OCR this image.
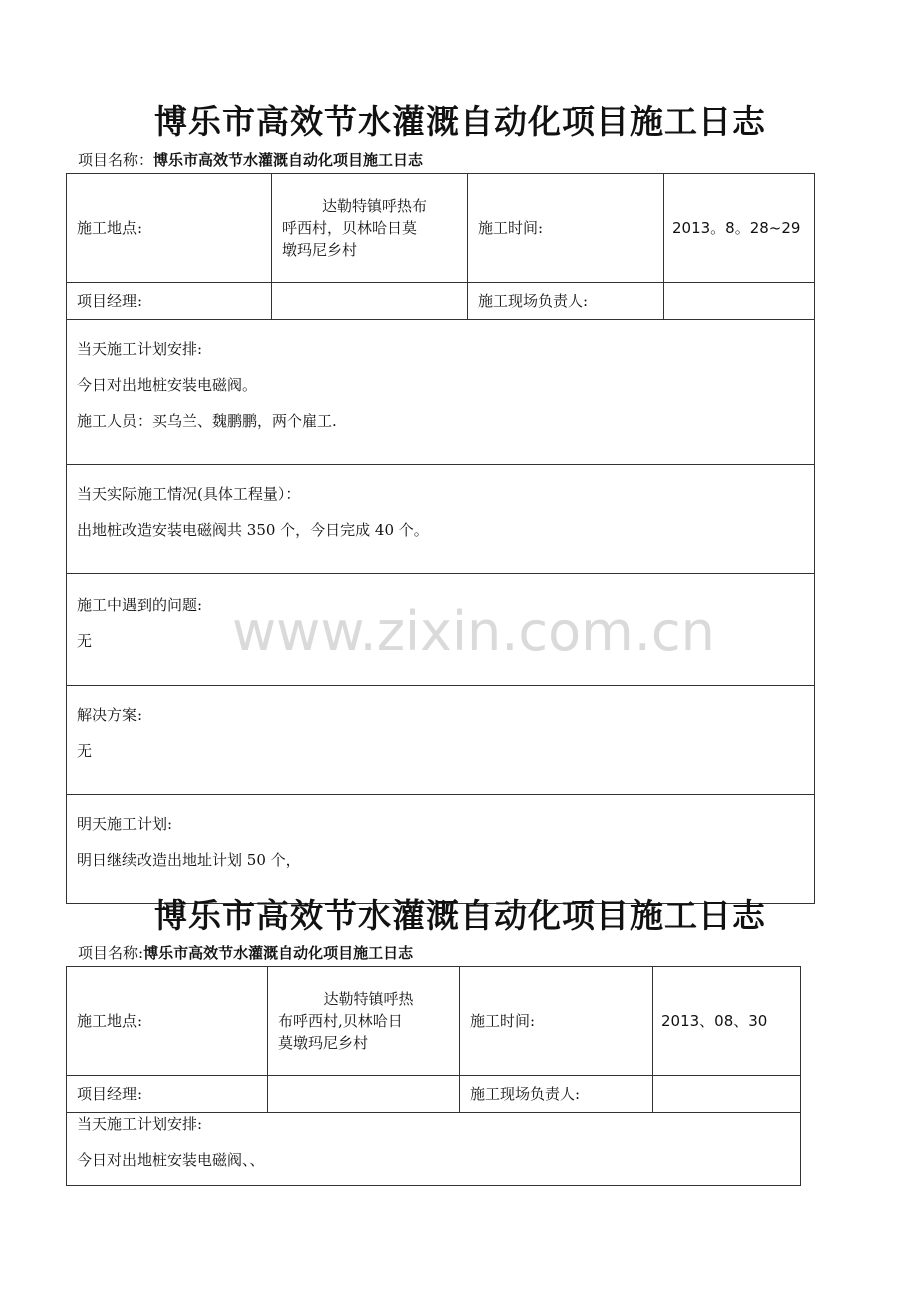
博乐市高效节水灌溉自动化项目施工日志
项目名称：博乐市高效节水灌溉自动化项目施工日志
施工地点:	达勒特镇呼热布
呼西村，贝林哈日莫
墩玛尼乡村	施工时间:	2013。8。28~29
项目经理:		施工现场负责人:	

当天施工计划安排:

今日对出地桩安装电磁阀。

施工人员：买乌兰、魏鹏鹏，两个雇工.			

当天实际施工情况(具体工程量）：

出地桩改造安装电磁阀共 350 个，今日完成 40 个。			

施工中遇到的问题:

无			

解决方案:

无			

明天施工计划:

明日继续改造出地址计划 50 个，			

www.zixin.com.cn
博乐市高效节水灌溉自动化项目施工日志
项目名称:博乐市高效节水灌溉自动化项目施工日志
施工地点:	达勒特镇呼热
布呼西村,贝林哈日
莫墩玛尼乡村	施工时间:	2013、08、30
项目经理:		施工现场负责人:	

当天施工计划安排:

今日对出地桩安装电磁阀、、			
